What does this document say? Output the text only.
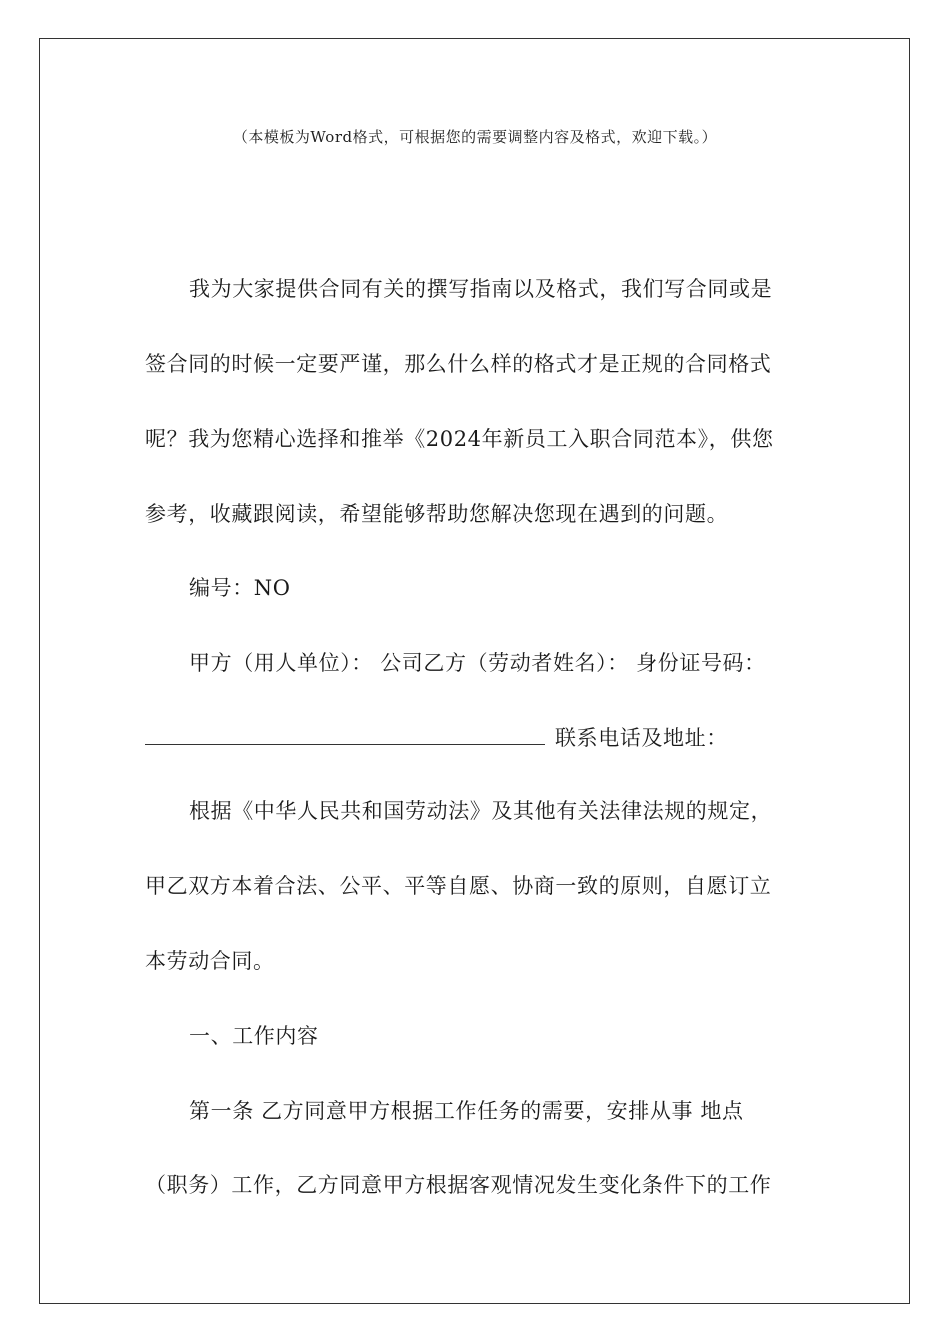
（本模板为Word格式，可根据您的需要调整内容及格式，欢迎下载。）
我为大家提供合同有关的撰写指南以及格式，我们写合同或是
签合同的时候一定要严谨，那么什么样的格式才是正规的合同格式
呢？我为您精心选择和推举《2024年新员工入职合同范本》，供您
参考，收藏跟阅读，希望能够帮助您解决您现在遇到的问题。
编号：NO
甲方（用人单位）： 公司乙方（劳动者姓名）： 身份证号码：
联系电话及地址：
根据《中华人民共和国劳动法》及其他有关法律法规的规定，
甲乙双方本着合法、公平、平等自愿、协商一致的原则，自愿订立
本劳动合同。
一、工作内容
第一条 乙方同意甲方根据工作任务的需要，安排从事 地点
（职务）工作，乙方同意甲方根据客观情况发生变化条件下的工作
